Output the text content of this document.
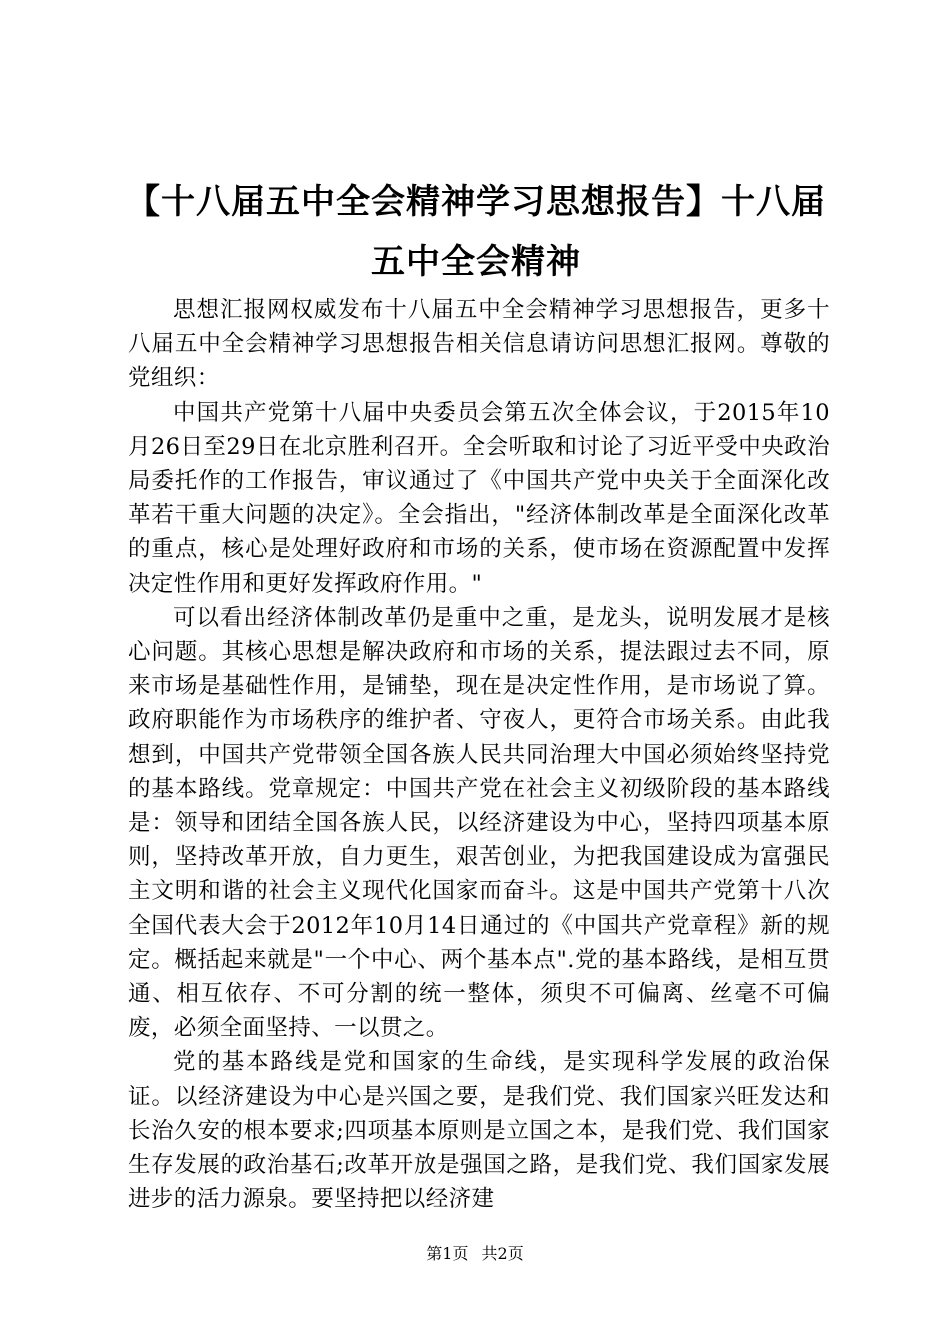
【十八届五中全会精神学习思想报告】十八届五中全会精神

思想汇报网权威发布十八届五中全会精神学习思想报告，更多十八届五中全会精神学习思想报告相关信息请访问思想汇报网。尊敬的党组织：

中国共产党第十八届中央委员会第五次全体会议，于2015年10月26日至29日在北京胜利召开。全会听取和讨论了习近平受中央政治局委托作的工作报告，审议通过了《中国共产党中央关于全面深化改革若干重大问题的决定》。全会指出，"经济体制改革是全面深化改革的重点，核心是处理好政府和市场的关系，使市场在资源配置中发挥决定性作用和更好发挥政府作用。"

可以看出经济体制改革仍是重中之重，是龙头，说明发展才是核心问题。其核心思想是解决政府和市场的关系，提法跟过去不同，原来市场是基础性作用，是铺垫，现在是决定性作用，是市场说了算。政府职能作为市场秩序的维护者、守夜人，更符合市场关系。由此我想到，中国共产党带领全国各族人民共同治理大中国必须始终坚持党的基本路线。党章规定：中国共产党在社会主义初级阶段的基本路线是：领导和团结全国各族人民，以经济建设为中心，坚持四项基本原则，坚持改革开放，自力更生，艰苦创业，为把我国建设成为富强民主文明和谐的社会主义现代化国家而奋斗。这是中国共产党第十八次全国代表大会于2012年10月14日通过的《中国共产党章程》新的规定。概括起来就是"一个中心、两个基本点".党的基本路线，是相互贯通、相互依存、不可分割的统一整体，须臾不可偏离、丝毫不可偏废，必须全面坚持、一以贯之。

党的基本路线是党和国家的生命线，是实现科学发展的政治保证。以经济建设为中心是兴国之要，是我们党、我们国家兴旺发达和长治久安的根本要求;四项基本原则是立国之本，是我们党、我们国家生存发展的政治基石;改革开放是强国之路，是我们党、我们国家发展进步的活力源泉。要坚持把以经济建

第1页 共2页
